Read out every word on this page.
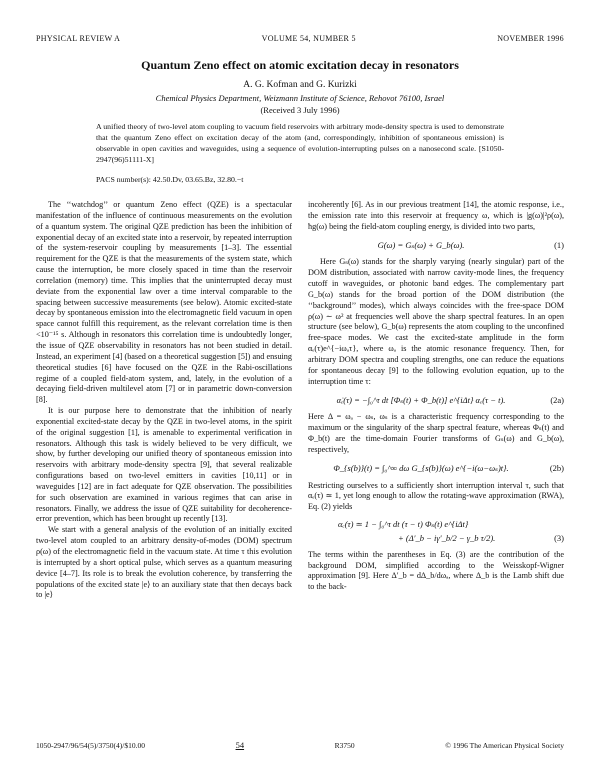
PHYSICAL REVIEW A	VOLUME 54, NUMBER 5	NOVEMBER 1996
Quantum Zeno effect on atomic excitation decay in resonators
A. G. Kofman and G. Kurizki
Chemical Physics Department, Weizmann Institute of Science, Rehovot 76100, Israel
(Received 3 July 1996)
A unified theory of two-level atom coupling to vacuum field reservoirs with arbitrary mode-density spectra is used to demonstrate that the quantum Zeno effect on excitation decay of the atom (and, correspondingly, inhibition of spontaneous emission) is observable in open cavities and waveguides, using a sequence of evolution-interrupting pulses on a nanosecond scale. [S1050-2947(96)51111-X]
PACS number(s): 42.50.Dv, 03.65.Bz, 32.80.−t

The ‘‘watchdog’’ or quantum Zeno effect (QZE) is a spectacular manifestation of the influence of continuous measurements on the evolution of a quantum system. The original QZE prediction has been the inhibition of exponential decay of an excited state into a reservoir, by repeated interruption of the system-reservoir coupling by measurements [1–3]. The essential requirement for the QZE is that the measurements of the system state, which cause the interruption, be more closely spaced in time than the reservoir correlation (memory) time. This implies that the uninterrupted decay must deviate from the exponential law over a time interval comparable to the spacing between successive measurements (see below). Atomic excited-state decay by spontaneous emission into the electromagnetic field vacuum in open space cannot fulfill this requirement, as the relevant correlation time is then <10⁻¹⁵ s. Although in resonators this correlation time is undoubtedly longer, the issue of QZE observability in resonators has not been studied in detail. Instead, an experiment [4] (based on a theoretical suggestion [5]) and ensuing theoretical studies [6] have focused on the QZE in the Rabi-oscillations regime of a coupled field-atom system, and, lately, in the evolution of a decaying field-driven multilevel atom [7] or in parametric down-conversion [8].

It is our purpose here to demonstrate that the inhibition of nearly exponential excited-state decay by the QZE in two-level atoms, in the spirit of the original suggestion [1], is amenable to experimental verification in resonators. Although this task is widely believed to be very difficult, we show, by further developing our unified theory of spontaneous emission into reservoirs with arbitrary mode-density spectra [9], that several realizable configurations based on two-level emitters in cavities [10,11] or in waveguides [12] are in fact adequate for QZE observation. The possibilities for such observation are examined in various regimes that can arise in resonators. Finally, we address the issue of QZE suitability for decoherence-error prevention, which has been brought up recently [13].

We start with a general analysis of the evolution of an initially excited two-level atom coupled to an arbitrary density-of-modes (DOM) spectrum ρ(ω) of the electromagnetic field in the vacuum state. At time τ this evolution is interrupted by a short optical pulse, which serves as a quantum measuring device [4–7]. Its role is to break the evolution coherence, by transferring the populations of the excited state |e⟩ to an auxiliary state that then decays back to |e⟩

incoherently [6]. As in our previous treatment [14], the atomic response, i.e., the emission rate into this reservoir at frequency ω, which is |g(ω)|²ρ(ω), ħg(ω) being the field-atom coupling energy, is divided into two parts,

G(ω) = Gₛ(ω) + G_b(ω).	(1)

Here Gₛ(ω) stands for the sharply varying (nearly singular) part of the DOM distribution, associated with narrow cavity-mode lines, the frequency cutoff in waveguides, or photonic band edges. The complementary part G_b(ω) stands for the broad portion of the DOM distribution (the ‘‘background’’ modes), which always coincides with the free-space DOM ρ(ω) ∼ ω² at frequencies well above the sharp spectral features. In an open structure (see below), G_b(ω) represents the atom coupling to the unconfined free-space modes. We cast the excited-state amplitude in the form αₑ(τ)e^{−iωₐτ}, where ωₐ is the atomic resonance frequency. Then, for arbitrary DOM spectra and coupling strengths, one can reduce the equations for spontaneous decay [9] to the following evolution equation, up to the interruption time τ:

α̇ₑ(τ) = −∫₀^τ dt [Φₛ(t) + Φ_b(t)] e^{iΔt} αₑ(τ − t).	(2a)

Here Δ = ωₐ − ωₛ, ωₛ is a characteristic frequency corresponding to the maximum or the singularity of the sharp spectral feature, whereas Φₛ(t) and Φ_b(t) are the time-domain Fourier transforms of Gₛ(ω) and G_b(ω), respectively,

Φ_{s(b)}(t) = ∫₀^∞ dω G_{s(b)}(ω) e^{−i(ω−ωₛ)t}.	(2b)

Restricting ourselves to a sufficiently short interruption interval τ, such that αₑ(τ) ≃ 1, yet long enough to allow the rotating-wave approximation (RWA), Eq. (2) yields

αₑ(τ) ≃ 1 − ∫₀^τ dt (τ − t) Φₛ(t) e^{iΔt}
+ (Δ′_b − iγ′_b/2 − γ_b τ/2).	(3)

The terms within the parentheses in Eq. (3) are the contribution of the background DOM, simplified according to the Weisskopf-Wigner approximation [9]. Here Δ′_b = dΔ_b/dωₐ, where Δ_b is the Lamb shift due to the back-

1050-2947/96/54(5)/3750(4)/$10.00	54	R3750	© 1996 The American Physical Society
